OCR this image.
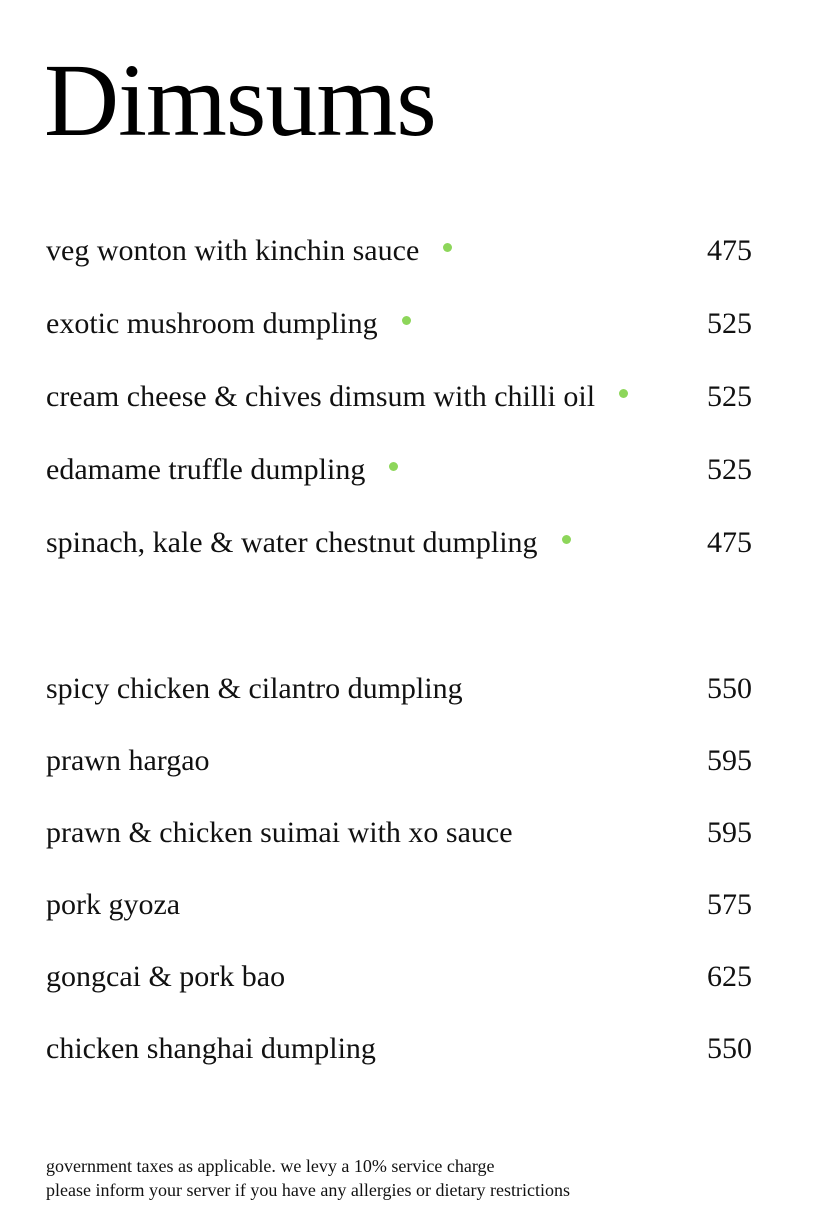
Dimsums
veg wonton with kinchin sauce	475
exotic mushroom dumpling	525
cream cheese & chives dimsum with chilli oil	525
edamame truffle dumpling	525
spinach, kale & water chestnut dumpling	475
spicy chicken & cilantro dumpling	550
prawn hargao	595
prawn & chicken suimai with xo sauce	595
pork gyoza	575
gongcai & pork bao	625
chicken shanghai dumpling	550

government taxes as applicable. we levy a 10% service charge

please inform your server if you have any allergies or dietary restrictions
